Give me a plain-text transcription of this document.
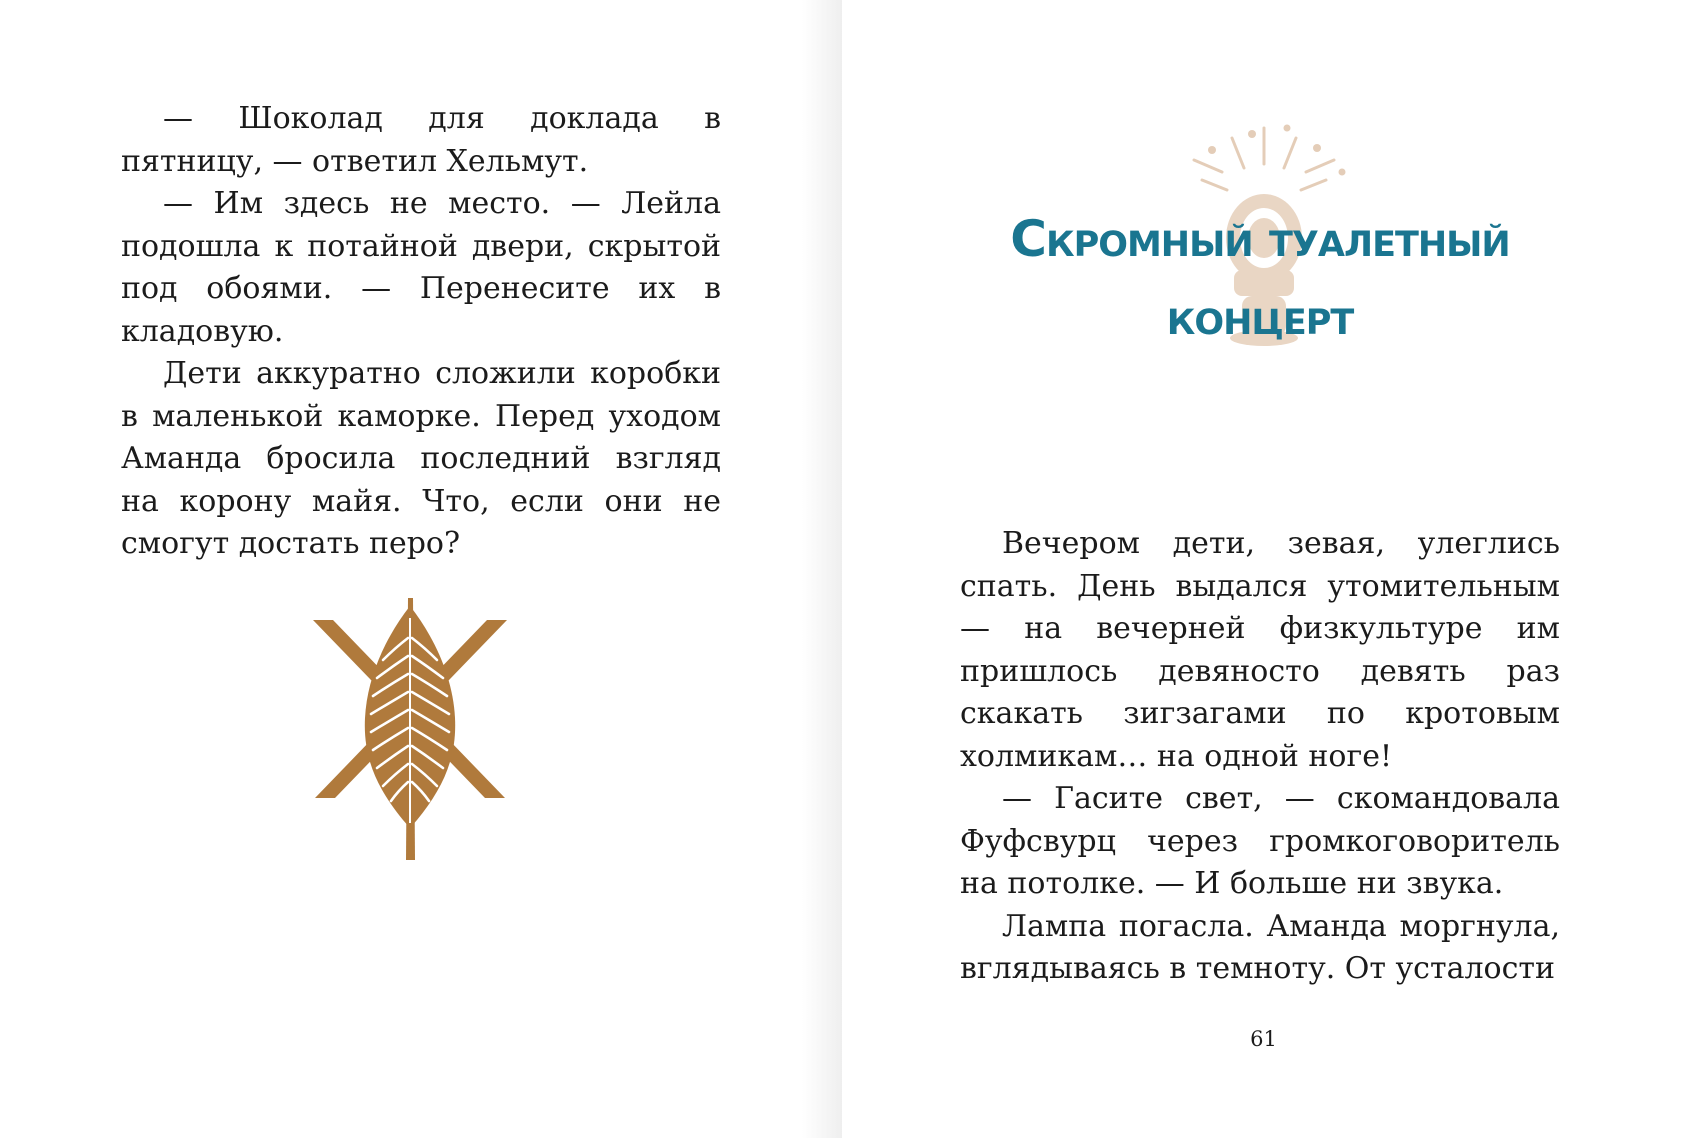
— Шоколад для доклада в пятницу, — ответил Хельмут.

— Им здесь не место. — Лейла подошла к потайной двери, скрытой под обоями. — Перенесите их в кладовую.

Дети аккуратно сложили коробки в маленькой каморке. Перед уходом Аманда бросила последний взгляд на корону майя. Что, если они не смогут достать перо?

Скромный туалетный
концерт

Вечером дети, зевая, улеглись спать. День выдался утомительным — на вечерней физкультуре им пришлось девяносто девять раз скакать зигзагами по кротовым холмикам… на одной ноге!

— Гасите свет, — скомандовала Фуфсвурц через громкоговоритель на потолке. — И больше ни звука.

Лампа погасла. Аманда моргнула, вглядываясь в темноту. От усталости

61
